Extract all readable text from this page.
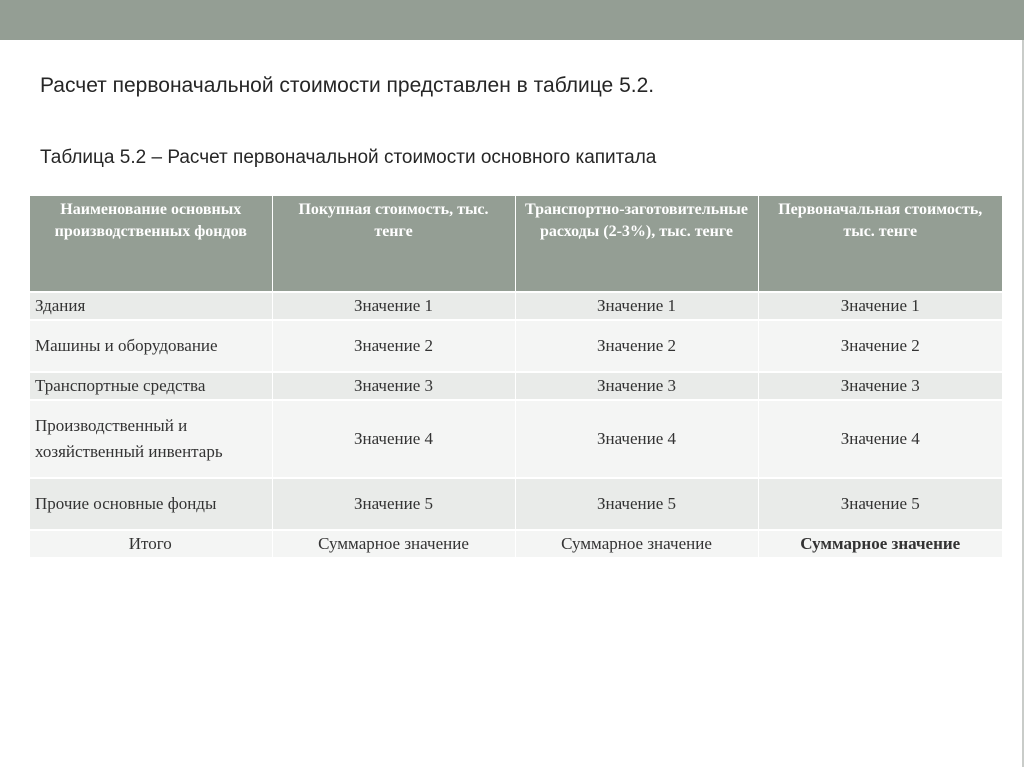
Расчет первоначальной стоимости представлен в таблице 5.2.
Таблица 5.2 – Расчет первоначальной стоимости основного капитала
Наименование основных производственных фондов	Покупная стоимость, тыс. тенге	Транспортно-заготовительные расходы (2-3%), тыс. тенге	Первоначальная стоимость, тыс. тенге
Здания	Значение 1	Значение 1	Значение 1
Машины и оборудование	Значение 2	Значение 2	Значение 2
Транспортные средства	Значение 3	Значение 3	Значение 3
Производственный и хозяйственный инвентарь	Значение 4	Значение 4	Значение 4
Прочие основные фонды	Значение 5	Значение 5	Значение 5
Итого	Суммарное значение	Суммарное значение	Суммарное значение
